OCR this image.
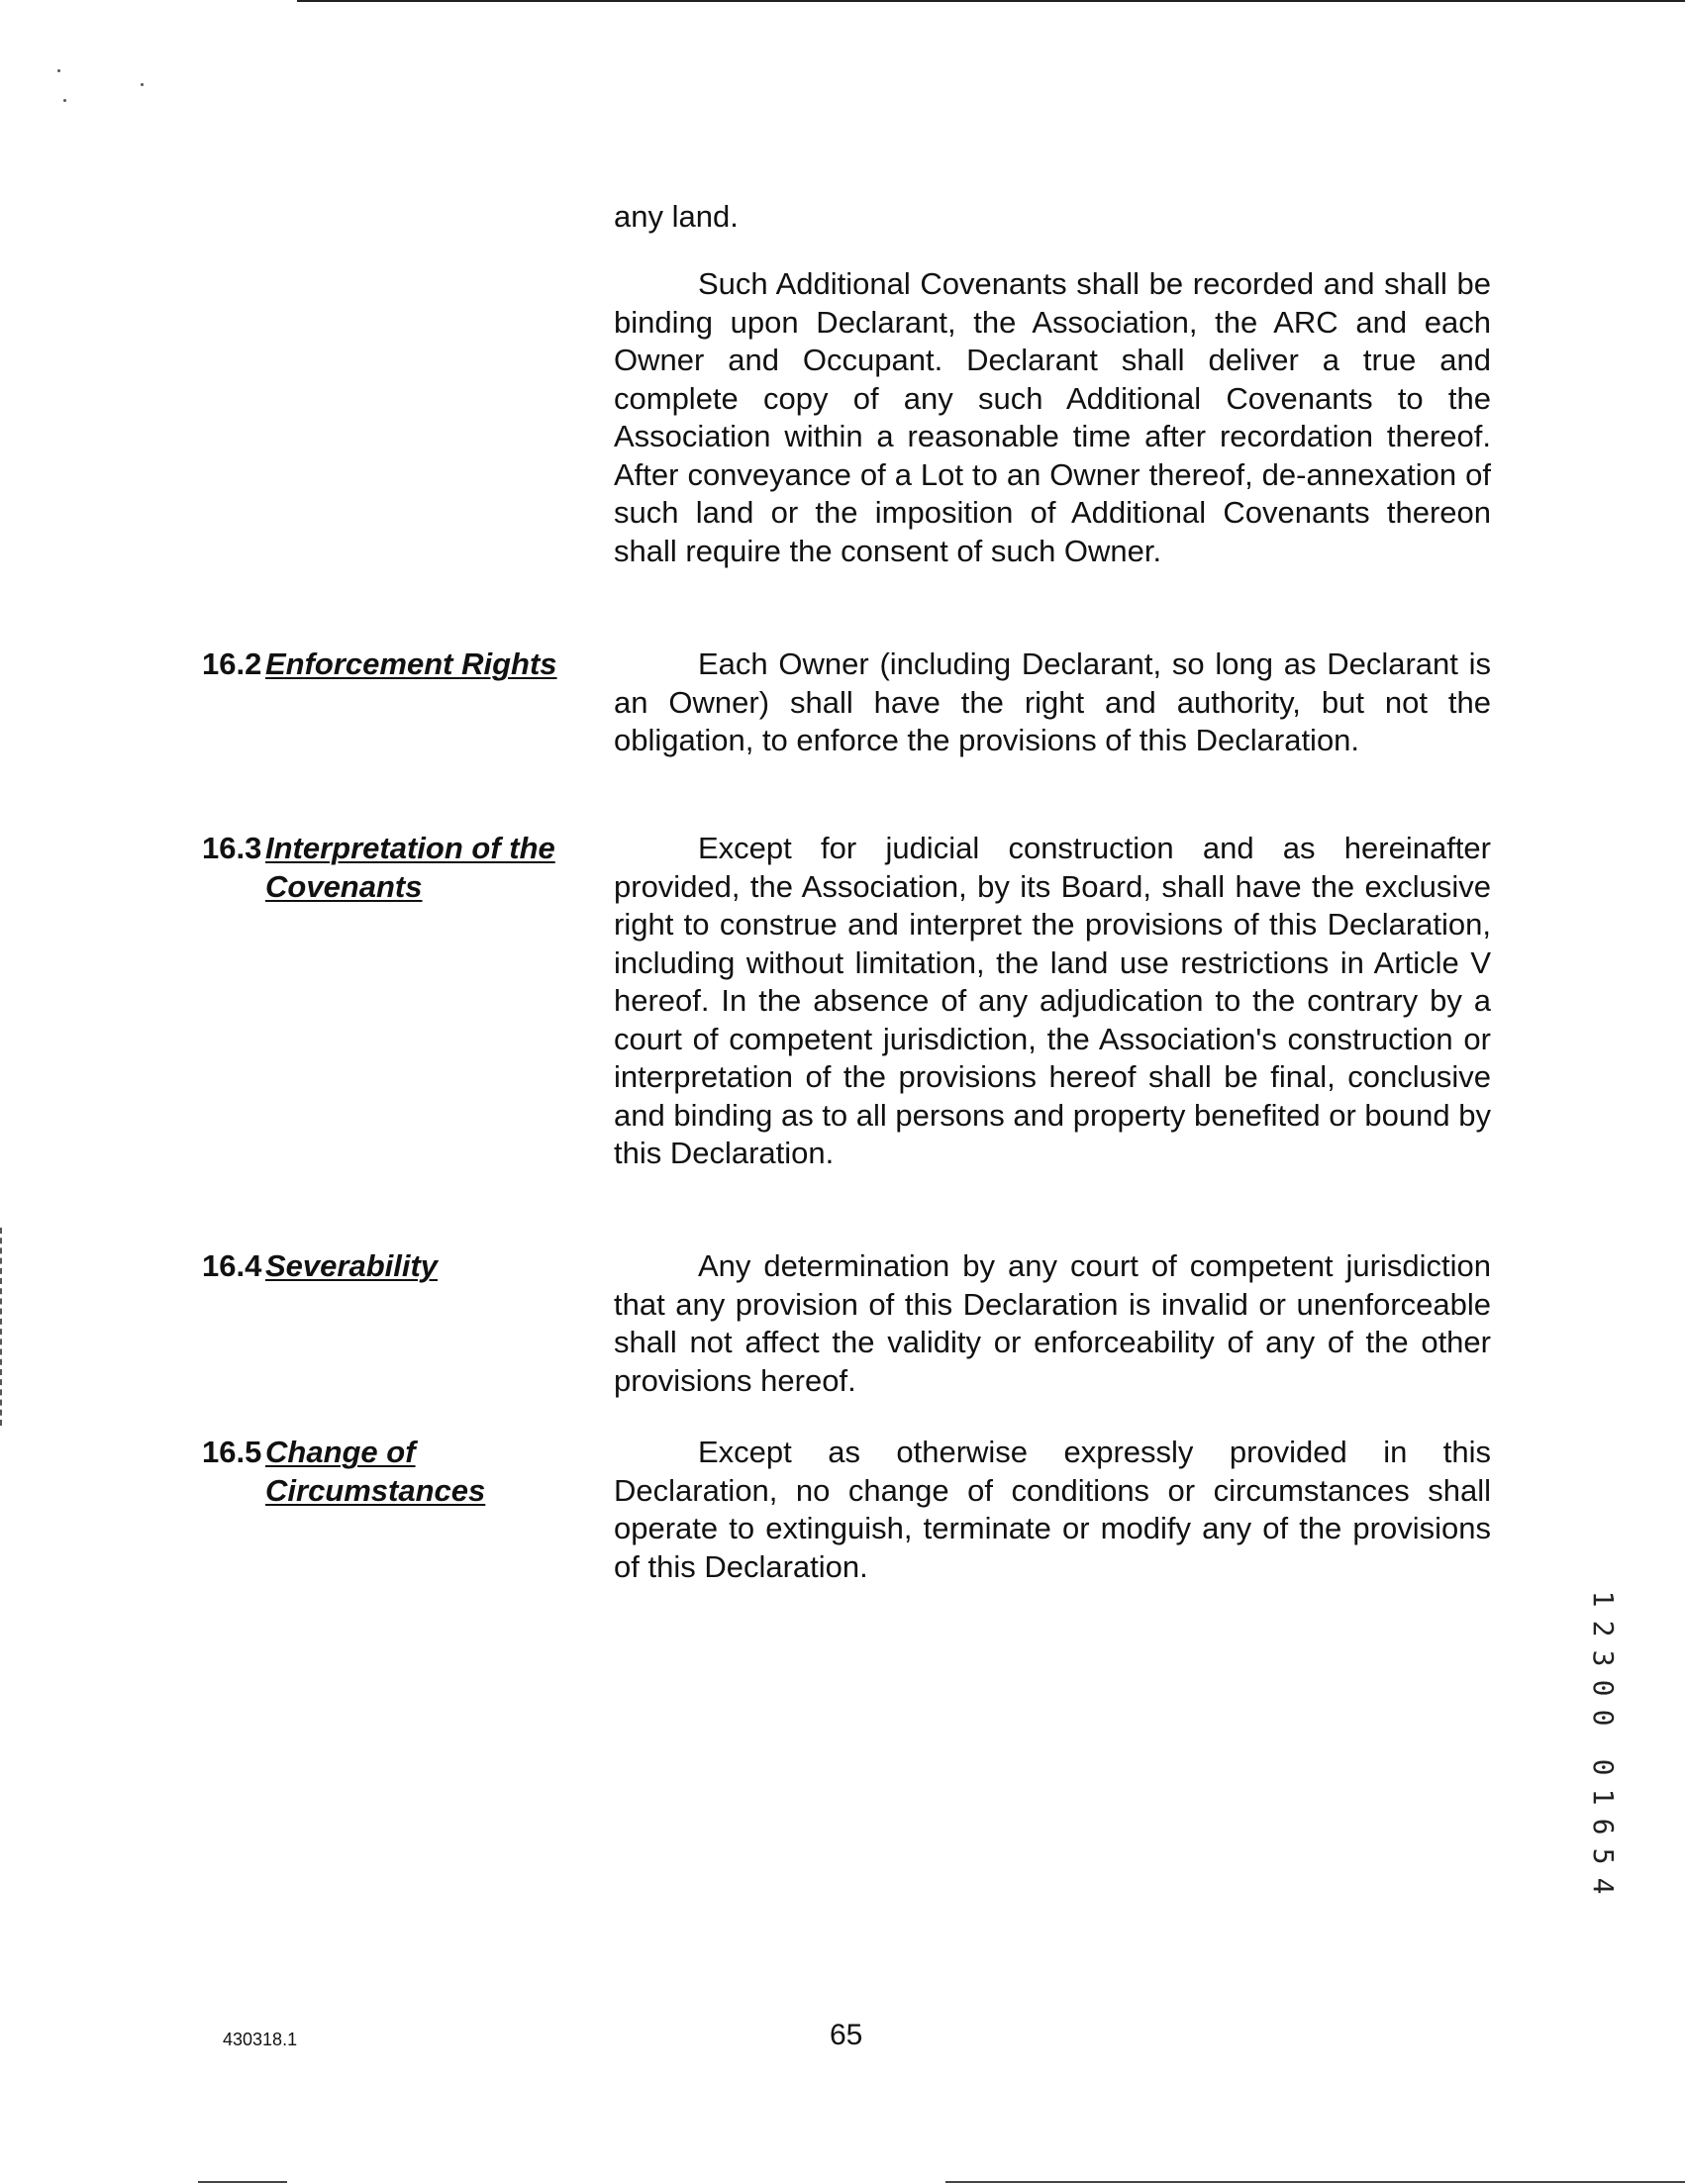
any land.

Such Additional Covenants shall be recorded and shall be binding upon Declarant, the Association, the ARC and each Owner and Occupant. Declarant shall deliver a true and complete copy of any such Additional Covenants to the Association within a reasonable time after recordation thereof. After conveyance of a Lot to an Owner thereof, de-annexation of such land or the imposition of Additional Covenants thereon shall require the consent of such Owner.

16.2 Enforcement Rights	Each Owner (including Declarant, so long as Declarant is an Owner) shall have the right and authority, but not the obligation, to enforce the provisions of this Declaration.

16.3 Interpretation of the
Covenants

Except for judicial construction and as hereinafter provided, the Association, by its Board, shall have the exclusive right to construe and interpret the provisions of this Declaration, including without limitation, the land use restrictions in Article V hereof. In the absence of any adjudication to the contrary by a court of competent jurisdiction, the Association's construction or interpretation of the provisions hereof shall be final, conclusive and binding as to all persons and property benefited or bound by this Declaration.

16.4 Severability	Any determination by any court of competent jurisdiction that any provision of this Declaration is invalid or unenforceable shall not affect the validity or enforceability of any of the other provisions hereof.

16.5 Change of
Circumstances

Except as otherwise expressly provided in this Declaration, no change of conditions or circumstances shall operate to extinguish, terminate or modify any of the provisions of this Declaration.

1
2
3
0
0
0
1
6
5
4
430318.1	65
